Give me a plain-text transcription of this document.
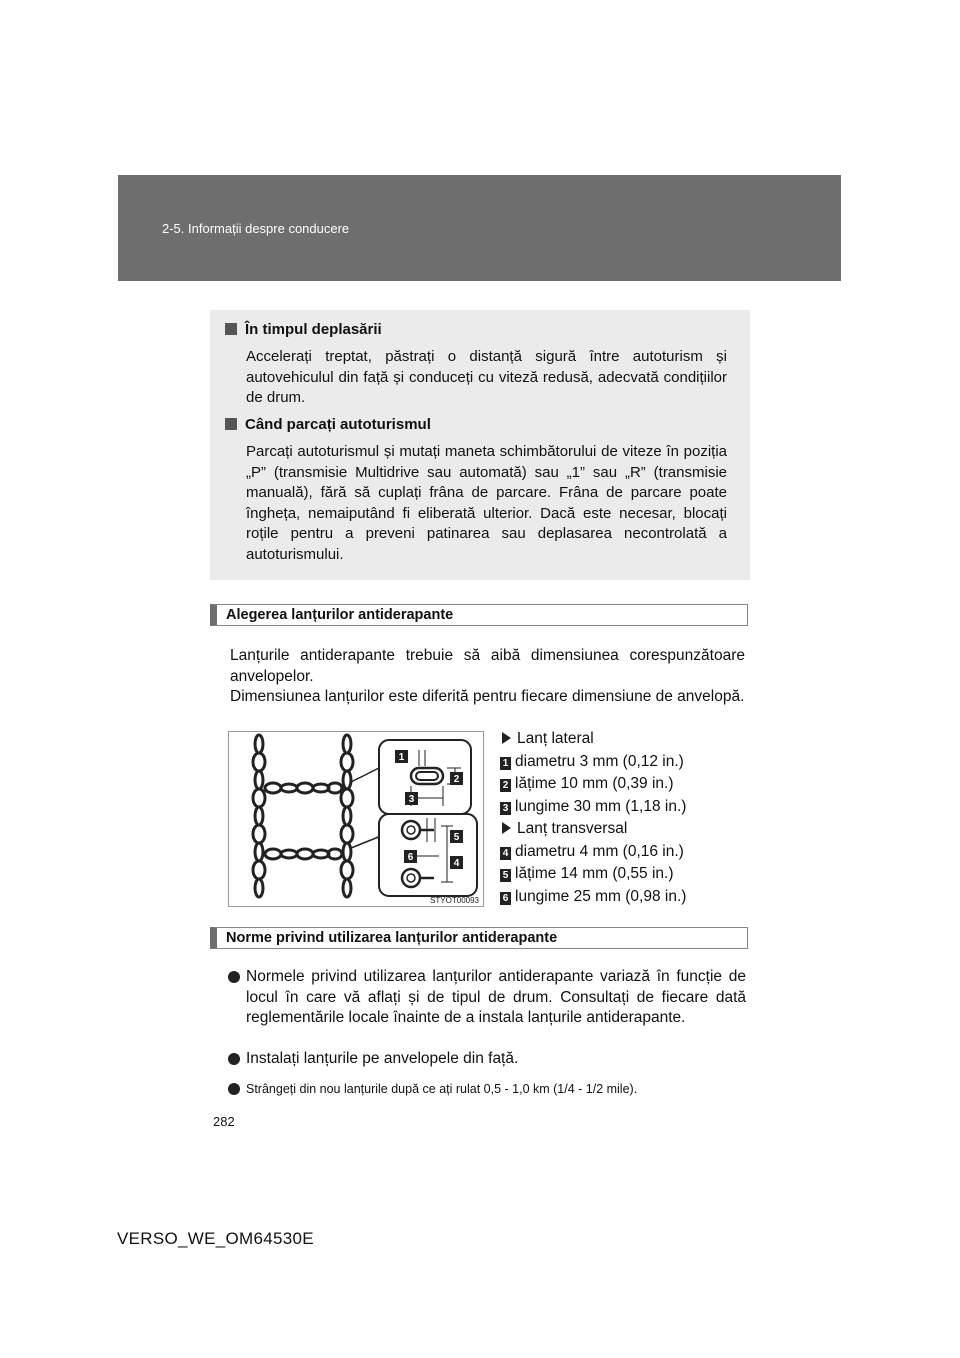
2-5. Informații despre conducere
În timpul deplasării

Accelerați treptat, păstrați o distanță sigură între autoturism și autovehiculul din față și conduceți cu viteză redusă, adecvată condițiilor de drum.

Când parcați autoturismul

Parcați autoturismul și mutați maneta schimbătorului de viteze în poziția „P” (transmisie Multidrive sau automată) sau „1” sau „R” (transmisie manuală), fără să cuplați frâna de parcare. Frâna de parcare poate îngheța, nemaiputând fi eliberată ulterior. Dacă este necesar, blocați roțile pentru a preveni patinarea sau deplasarea necontrolată a autoturismului.

Alegerea lanțurilor antiderapante

Lanțurile antiderapante trebuie să aibă dimensiunea corespunzătoare anvelopelor.

Dimensiunea lanțurilor este diferită pentru fiecare dimensiune de anvelopă.

1
2
3
4
5
6
STYOT00093
Lanț lateral
1 diametru 3 mm (0,12 in.)
2 lățime 10 mm (0,39 in.)
3 lungime 30 mm (1,18 in.)
Lanț transversal
4 diametru 4 mm (0,16 in.)
5 lățime 14 mm (0,55 in.)
6 lungime 25 mm (0,98 in.)
Norme privind utilizarea lanțurilor antiderapante
Normele privind utilizarea lanțurilor antiderapante variază în funcție de locul în care vă aflați și de tipul de drum. Consultați de fiecare dată reglementările locale înainte de a instala lanțurile antiderapante.
Instalați lanțurile pe anvelopele din față.
Strângeți din nou lanțurile după ce ați rulat 0,5 - 1,0 km (1/4 - 1/2 mile).
282
VERSO_WE_OM64530E
